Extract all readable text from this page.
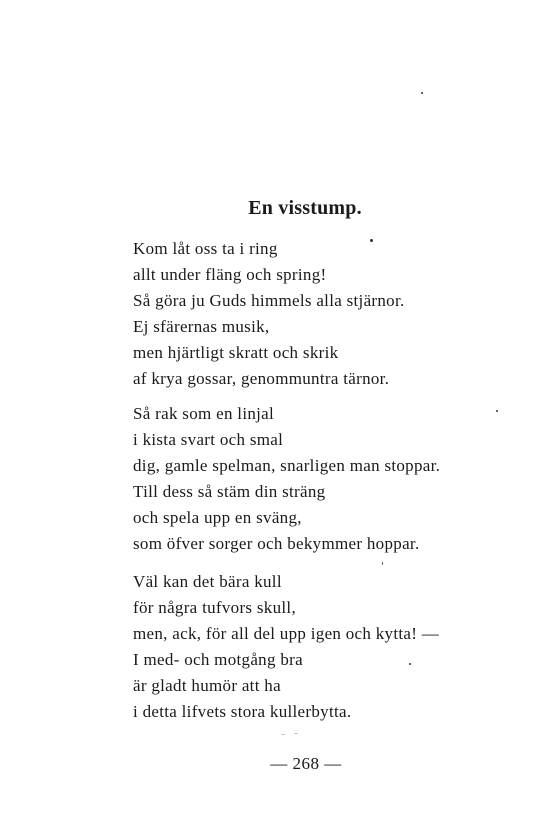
En visstump.
Kom låt oss ta i ring
allt under fläng och spring!
Så göra ju Guds himmels alla stjärnor.
Ej sfärernas musik,
men hjärtligt skratt och skrik
af krya gossar, genommuntra tärnor.
Så rak som en linjal
i kista svart och smal
dig, gamle spelman, snarligen man stoppar.
Till dess så stäm din sträng
och spela upp en sväng,
som öfver sorger och bekymmer hoppar.
Väl kan det bära kull
för några tufvors skull,
men, ack, för all del upp igen och kytta! —
I med- och motgång bra
är gladt humör att ha
i detta lifvets stora kullerbytta.
— 268 —
